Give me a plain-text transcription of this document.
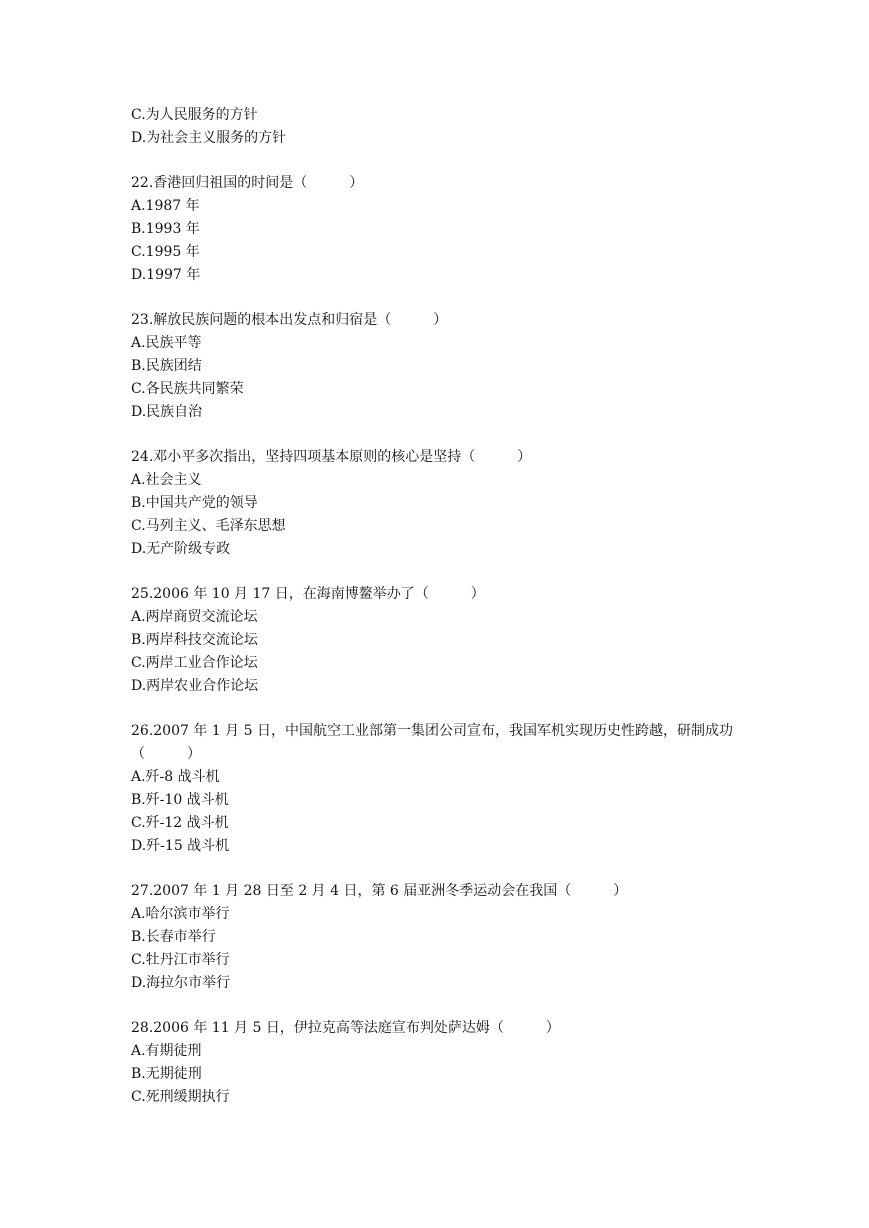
C.为人民服务的方针
D.为社会主义服务的方针
22.香港回归祖国的时间是（　　　）
A.1987 年
B.1993 年
C.1995 年
D.1997 年
23.解放民族问题的根本出发点和归宿是（　　　）
A.民族平等
B.民族团结
C.各民族共同繁荣
D.民族自治
24.邓小平多次指出，坚持四项基本原则的核心是坚持（　　　）
A.社会主义
B.中国共产党的领导
C.马列主义、毛泽东思想
D.无产阶级专政
25.2006 年 10 月 17 日，在海南博鳌举办了（　　　）
A.两岸商贸交流论坛
B.两岸科技交流论坛
C.两岸工业合作论坛
D.两岸农业合作论坛
26.2007 年 1 月 5 日，中国航空工业部第一集团公司宣布，我国军机实现历史性跨越，研制成功（　　　）
A.歼-8 战斗机
B.歼-10 战斗机
C.歼-12 战斗机
D.歼-15 战斗机
27.2007 年 1 月 28 日至 2 月 4 日，第 6 届亚洲冬季运动会在我国（　　　）
A.哈尔滨市举行
B.长春市举行
C.牡丹江市举行
D.海拉尔市举行
28.2006 年 11 月 5 日，伊拉克高等法庭宣布判处萨达姆（　　　）
A.有期徒刑
B.无期徒刑
C.死刑缓期执行
